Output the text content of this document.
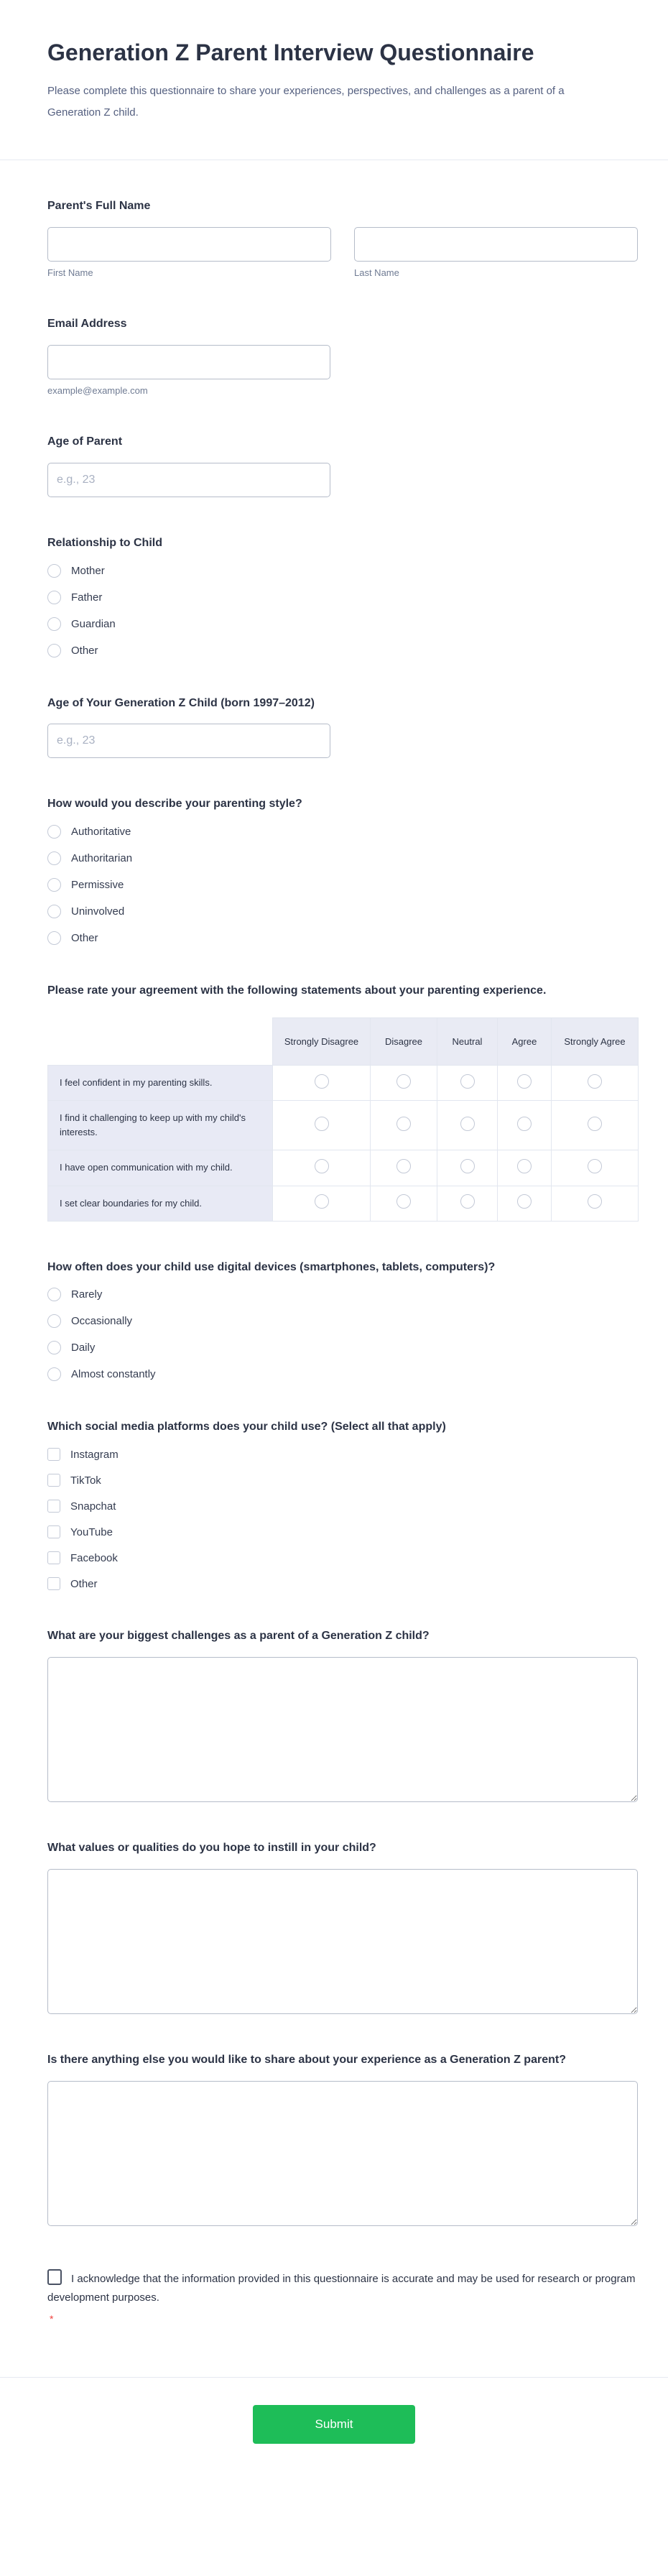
Generation Z Parent Interview Questionnaire
Please complete this questionnaire to share your experiences, perspectives, and challenges as a parent of a Generation Z child.
Parent's Full Name
First Name	Last Name
Email Address
example@example.com
Age of Parent
e.g., 23
Relationship to Child
Mother
Father
Guardian
Other
Age of Your Generation Z Child (born 1997–2012)
e.g., 23
How would you describe your parenting style?
Authoritative
Authoritarian
Permissive
Uninvolved
Other
Please rate your agreement with the following statements about your parenting experience.
	Strongly Disagree	Disagree	Neutral	Agree	Strongly Agree
I feel confident in my parenting skills.					
I find it challenging to keep up with my child's interests.					
I have open communication with my child.					
I set clear boundaries for my child.					
How often does your child use digital devices (smartphones, tablets, computers)?
Rarely
Occasionally
Daily
Almost constantly
Which social media platforms does your child use? (Select all that apply)
Instagram
TikTok
Snapchat
YouTube
Facebook
Other
What are your biggest challenges as a parent of a Generation Z child?
What values or qualities do you hope to instill in your child?
Is there anything else you would like to share about your experience as a Generation Z parent?
I acknowledge that the information provided in this questionnaire is accurate and may be used for research or program development purposes.
*
Submit
